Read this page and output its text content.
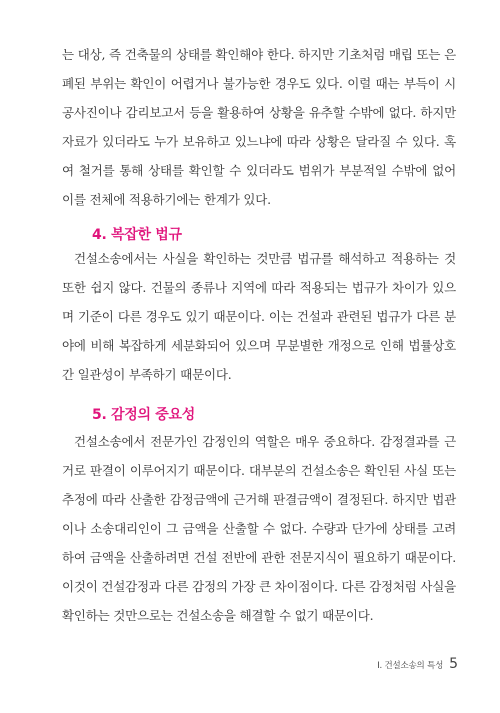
는 대상, 즉 건축물의 상태를 확인해야 한다. 하지만 기초처럼 매립 또는 은폐된 부위는 확인이 어렵거나 불가능한 경우도 있다. 이럴 때는 부득이 시공사진이나 감리보고서 등을 활용하여 상황을 유추할 수밖에 없다. 하지만 자료가 있더라도 누가 보유하고 있느냐에 따라 상황은 달라질 수 있다. 혹여 철거를 통해 상태를 확인할 수 있더라도 범위가 부분적일 수밖에 없어 이를 전체에 적용하기에는 한계가 있다.

4. 복잡한 법규

건설소송에서는 사실을 확인하는 것만큼 법규를 해석하고 적용하는 것 또한 쉽지 않다. 건물의 종류나 지역에 따라 적용되는 법규가 차이가 있으며 기준이 다른 경우도 있기 때문이다. 이는 건설과 관련된 법규가 다른 분야에 비해 복잡하게 세분화되어 있으며 무분별한 개정으로 인해 법률상호간 일관성이 부족하기 때문이다.

5. 감정의 중요성

건설소송에서 전문가인 감정인의 역할은 매우 중요하다. 감정결과를 근거로 판결이 이루어지기 때문이다. 대부분의 건설소송은 확인된 사실 또는 추정에 따라 산출한 감정금액에 근거해 판결금액이 결정된다. 하지만 법관이나 소송대리인이 그 금액을 산출할 수 없다. 수량과 단가에 상태를 고려하여 금액을 산출하려면 건설 전반에 관한 전문지식이 필요하기 때문이다. 이것이 건설감정과 다른 감정의 가장 큰 차이점이다. 다른 감정처럼 사실을 확인하는 것만으로는 건설소송을 해결할 수 없기 때문이다.

Ⅰ. 건설소송의 특성 5
